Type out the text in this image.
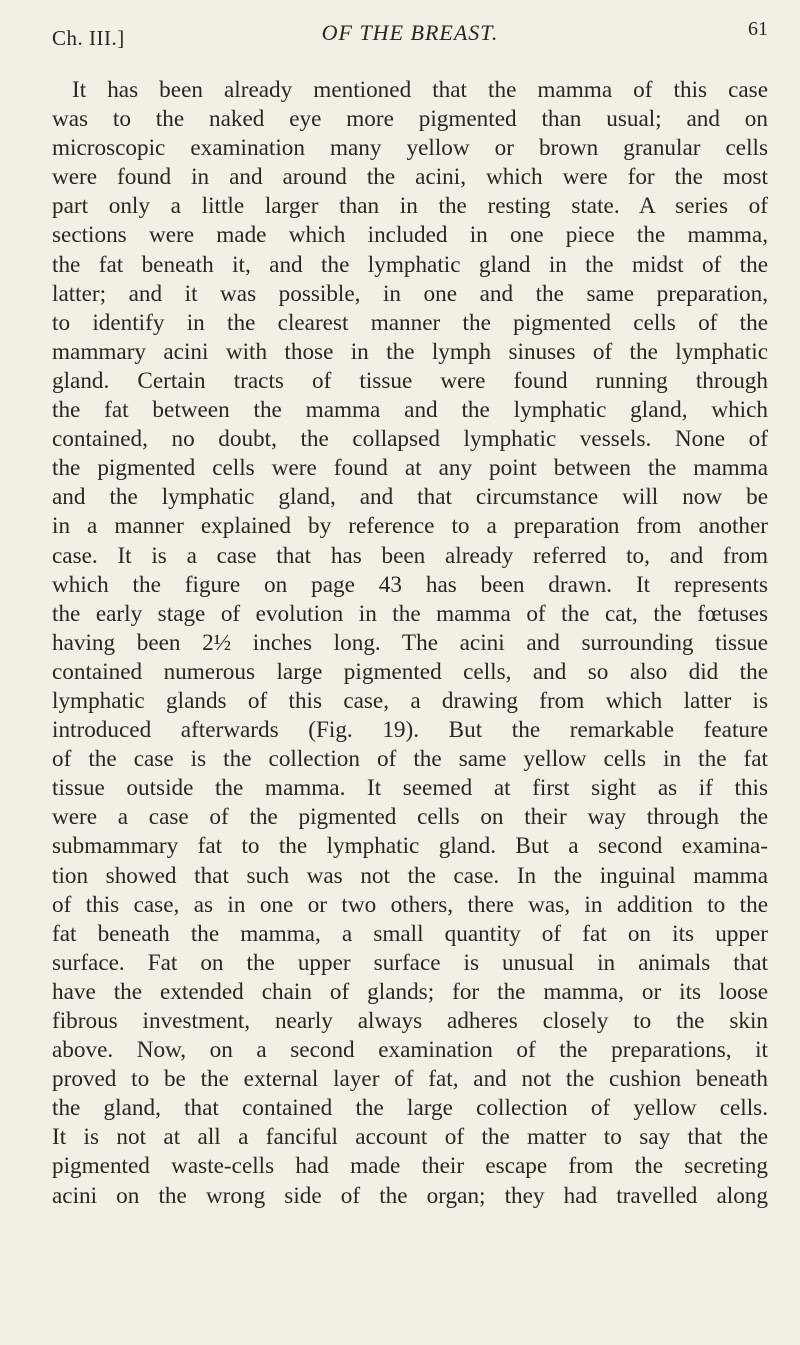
Ch. III.]	OF THE BREAST.	61
It has been already mentioned that the mamma of this case
was to the naked eye more pigmented than usual; and on
microscopic examination many yellow or brown granular cells
were found in and around the acini, which were for the most
part only a little larger than in the resting state. A series of
sections were made which included in one piece the mamma,
the fat beneath it, and the lymphatic gland in the midst of the
latter; and it was possible, in one and the same preparation,
to identify in the clearest manner the pigmented cells of the
mammary acini with those in the lymph sinuses of the lymphatic
gland. Certain tracts of tissue were found running through
the fat between the mamma and the lymphatic gland, which
contained, no doubt, the collapsed lymphatic vessels. None of
the pigmented cells were found at any point between the mamma
and the lymphatic gland, and that circumstance will now be
in a manner explained by reference to a preparation from another
case. It is a case that has been already referred to, and from
which the figure on page 43 has been drawn. It represents
the early stage of evolution in the mamma of the cat, the fœtuses
having been 2½ inches long. The acini and surrounding tissue
contained numerous large pigmented cells, and so also did the
lymphatic glands of this case, a drawing from which latter is
introduced afterwards (Fig. 19). But the remarkable feature
of the case is the collection of the same yellow cells in the fat
tissue outside the mamma. It seemed at first sight as if this
were a case of the pigmented cells on their way through the
submammary fat to the lymphatic gland. But a second examina-
tion showed that such was not the case. In the inguinal mamma
of this case, as in one or two others, there was, in addition to the
fat beneath the mamma, a small quantity of fat on its upper
surface. Fat on the upper surface is unusual in animals that
have the extended chain of glands; for the mamma, or its loose
fibrous investment, nearly always adheres closely to the skin
above. Now, on a second examination of the preparations, it
proved to be the external layer of fat, and not the cushion beneath
the gland, that contained the large collection of yellow cells.
It is not at all a fanciful account of the matter to say that the
pigmented waste-cells had made their escape from the secreting
acini on the wrong side of the organ; they had travelled along
